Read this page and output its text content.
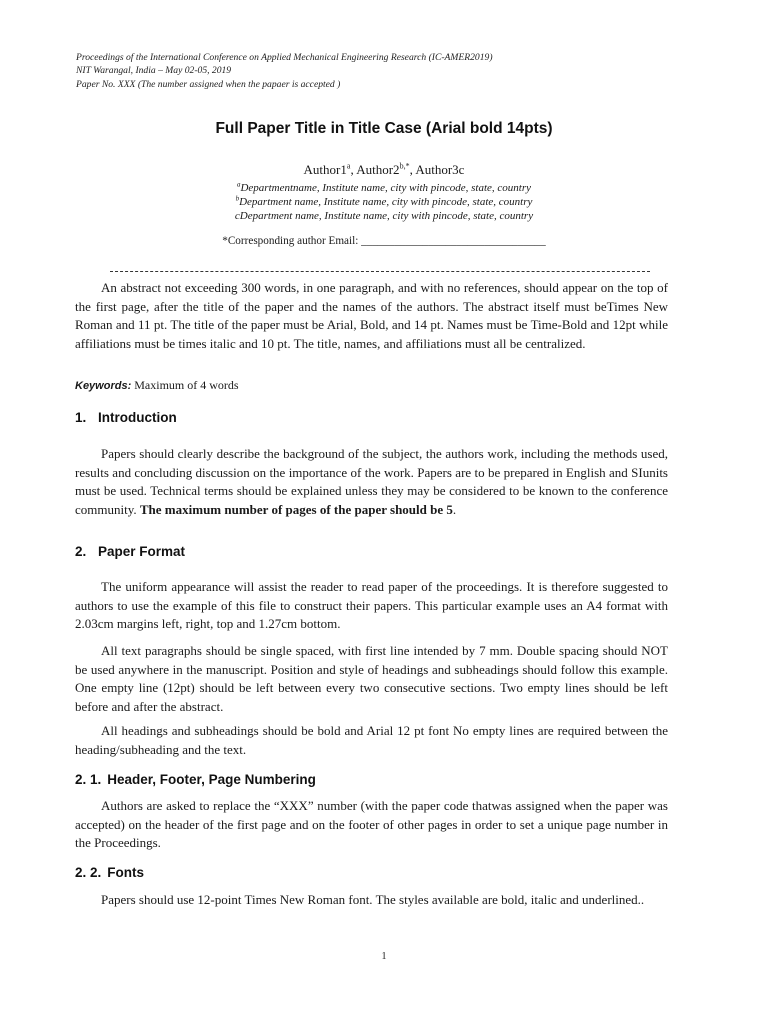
Proceedings of the International Conference on Applied Mechanical Engineering Research (IC-AMER2019)
NIT Warangal, India – May 02-05, 2019
Paper No. XXX (The number assigned when the papaer is accepted )
Full Paper Title in Title Case (Arial bold 14pts)
Author1$^a$, $Author2^{b,*}$, Author3c
$^a$Departmentname, Institute name, city with pincode, state, country
$^b$Department name, Institute name, city with pincode, state, country
cDepartment name, Institute name, city with pincode, state, country
*Corresponding author Email: _________________________________
An abstract not exceeding 300 words, in one paragraph, and with no references, should appear on the top of the first page, after the title of the paper and the names of the authors. The abstract itself must beTimes New Roman and 11 pt. The title of the paper must be Arial, Bold, and 14 pt. Names must be Time-Bold and 12pt while affiliations must be times italic and 10 pt. The title, names, and affiliations must all be centralized.
Keywords: Maximum of 4 words
1. Introduction
Papers should clearly describe the background of the subject, the authors work, including the methods used, results and concluding discussion on the importance of the work. Papers are to be prepared in English and SIunits must be used. Technical terms should be explained unless they may be considered to be known to the conference community. The maximum number of pages of the paper should be 5.
2. Paper Format
The uniform appearance will assist the reader to read paper of the proceedings. It is therefore suggested to authors to use the example of this file to construct their papers. This particular example uses an A4 format with 2.03cm margins left, right, top and 1.27cm bottom.
All text paragraphs should be single spaced, with first line intended by 7 mm. Double spacing should NOT be used anywhere in the manuscript. Position and style of headings and subheadings should follow this example. One empty line (12pt) should be left between every two consecutive sections. Two empty lines should be left before and after the abstract.
All headings and subheadings should be bold and Arial 12 pt font No empty lines are required between the heading/subheading and the text.
2. 1. Header, Footer, Page Numbering
Authors are asked to replace the “XXX” number (with the paper code thatwas assigned when the paper was accepted) on the header of the first page and on the footer of other pages in order to set a unique page number in the Proceedings.
2. 2. Fonts
Papers should use 12-point Times New Roman font. The styles available are bold, italic and underlined..
1
